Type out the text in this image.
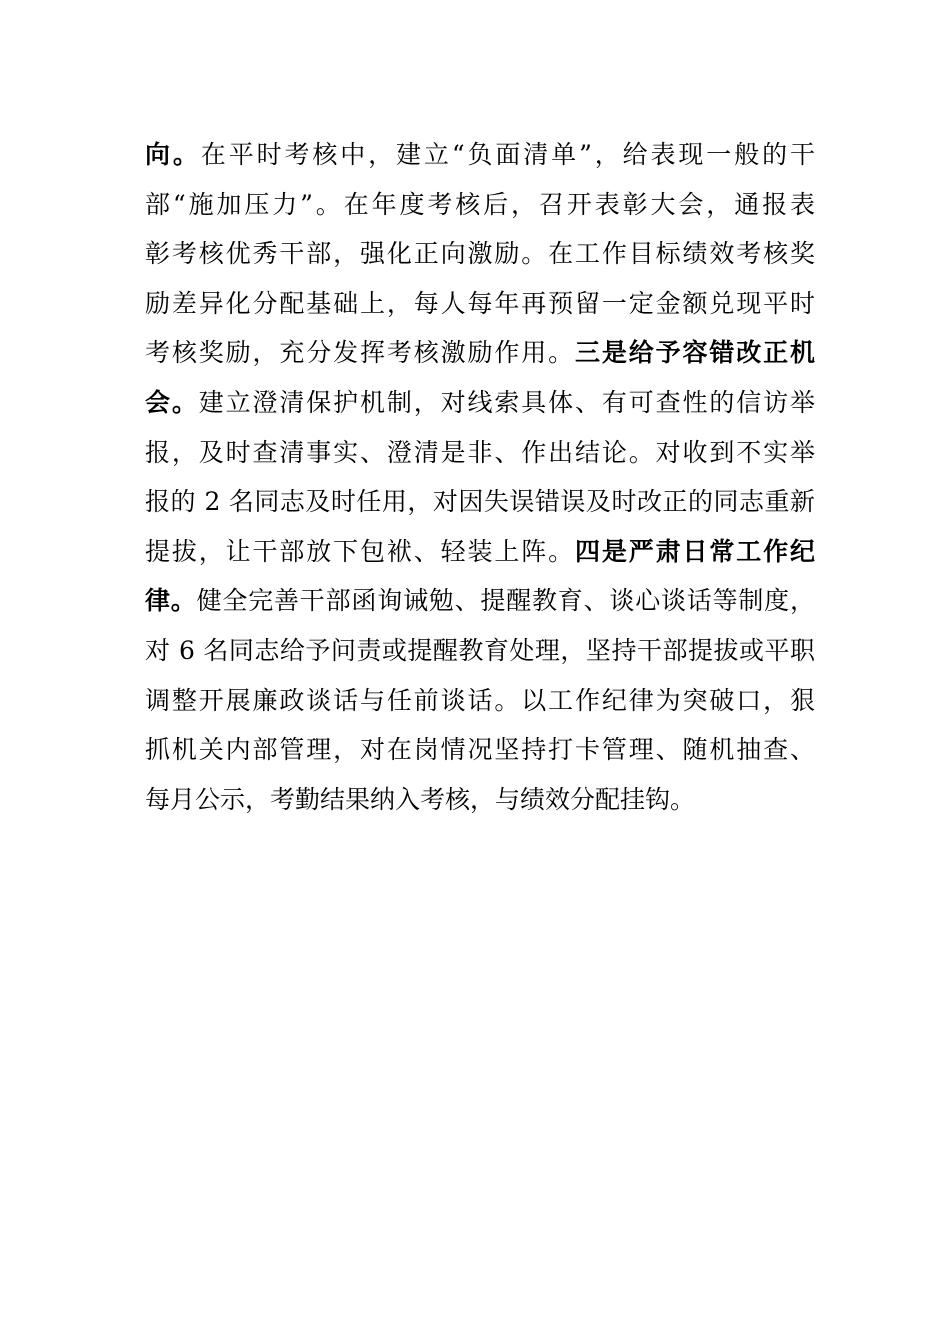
向。在平时考核中，建立“负面清单”，给表现一般的干
部“施加压力”。在年度考核后，召开表彰大会，通报表
彰考核优秀干部，强化正向激励。在工作目标绩效考核奖
励差异化分配基础上，每人每年再预留一定金额兑现平时
考核奖励，充分发挥考核激励作用。三是给予容错改正机
会。建立澄清保护机制，对线索具体、有可查性的信访举
报，及时查清事实、澄清是非、作出结论。对收到不实举
报的 2 名同志及时任用，对因失误错误及时改正的同志重新
提拔，让干部放下包袱、轻装上阵。四是严肃日常工作纪
律。健全完善干部函询诫勉、提醒教育、谈心谈话等制度，
对 6 名同志给予问责或提醒教育处理，坚持干部提拔或平职
调整开展廉政谈话与任前谈话。以工作纪律为突破口，狠
抓机关内部管理，对在岗情况坚持打卡管理、随机抽查、
每月公示，考勤结果纳入考核，与绩效分配挂钩。
